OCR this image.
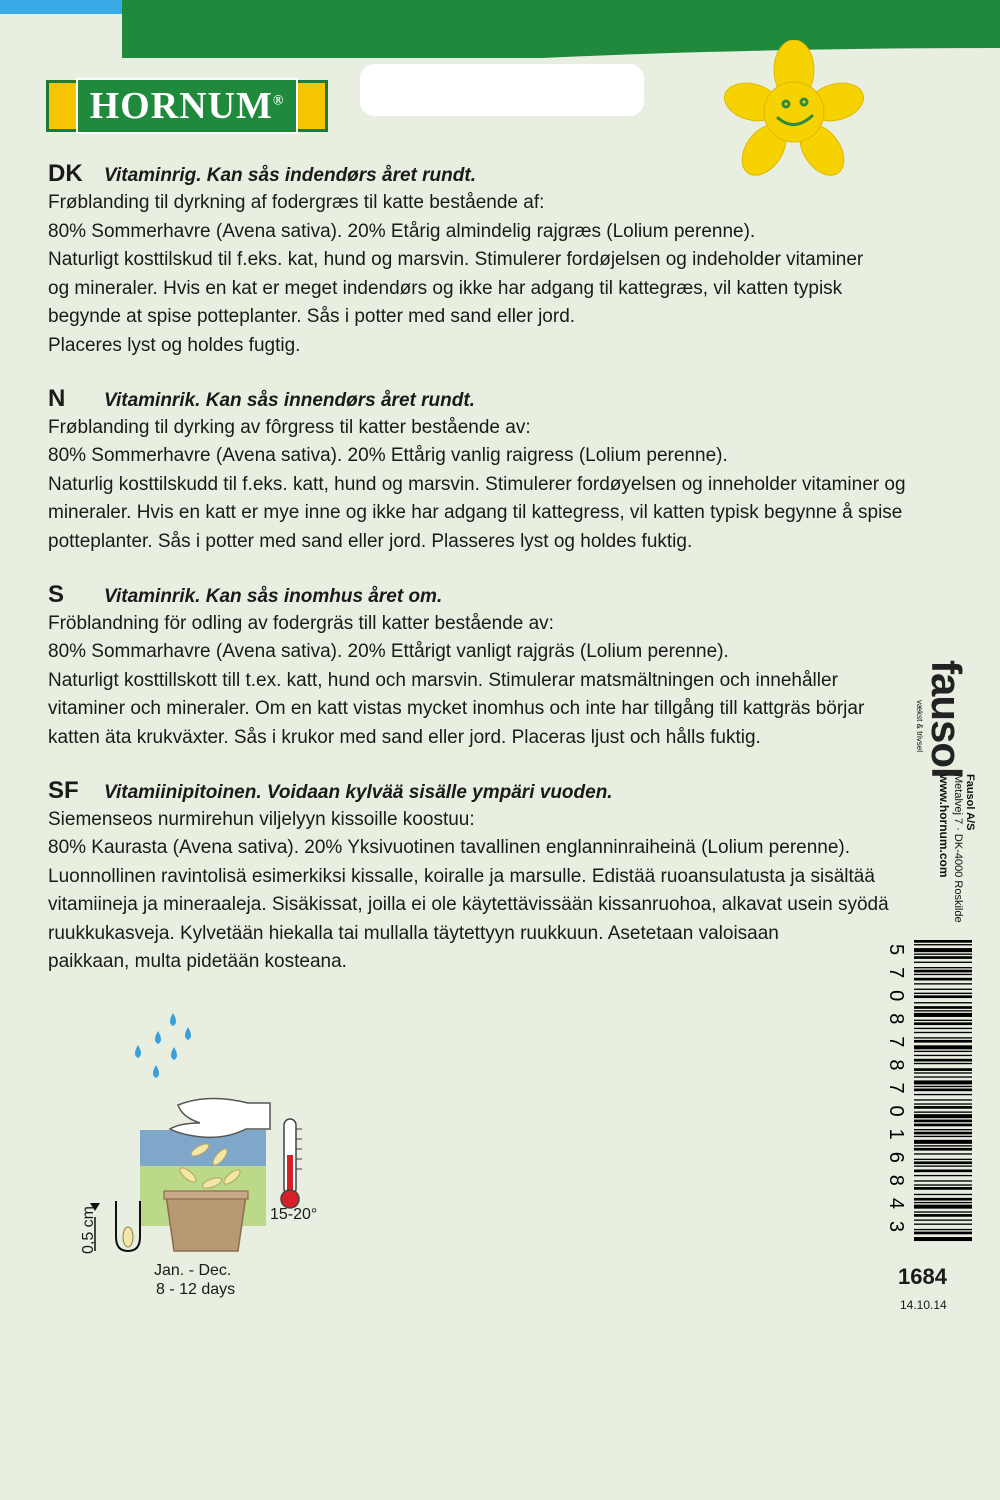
HORNUM®
DK	Vitaminrig. Kan sås indendørs året rundt.
Frøblanding til dyrkning af fodergræs til katte bestående af:
80% Sommerhavre (Avena sativa). 20% Etårig almindelig rajgræs (Lolium perenne).
Naturligt kosttilskud til f.eks. kat, hund og marsvin. Stimulerer fordøjelsen og indeholder vitaminer
og mineraler. Hvis en kat er meget indendørs og ikke har adgang til kattegræs, vil katten typisk
begynde at spise potteplanter. Sås i potter med sand eller jord.
Placeres lyst og holdes fugtig.
N	Vitaminrik. Kan sås innendørs året rundt.
Frøblanding til dyrking av fôrgress til katter bestående av:
80% Sommerhavre (Avena sativa). 20% Ettårig vanlig raigress (Lolium perenne).
Naturlig kosttilskudd til f.eks. katt, hund og marsvin. Stimulerer fordøyelsen og inneholder vitaminer og
mineraler. Hvis en katt er mye inne og ikke har adgang til kattegress, vil katten typisk begynne å spise
potteplanter. Sås i potter med sand eller jord. Plasseres lyst og holdes fuktig.
S	Vitaminrik. Kan sås inomhus året om.
Fröblandning för odling av fodergräs till katter bestående av:
80% Sommarhavre (Avena sativa). 20% Ettårigt vanligt rajgräs (Lolium perenne).
Naturligt kosttillskott till t.ex. katt, hund och marsvin. Stimulerar matsmältningen och innehåller
vitaminer och mineraler. Om en katt vistas mycket inomhus och inte har tillgång till kattgräs börjar
katten äta krukväxter. Sås i krukor med sand eller jord. Placeras ljust och hålls fuktig.
SF	Vitamiinipitoinen. Voidaan kylvää sisälle ympäri vuoden.
Siemenseos nurmirehun viljelyyn kissoille koostuu:
80% Kaurasta (Avena sativa). 20% Yksivuotinen tavallinen englanninraiheinä (Lolium perenne).
Luonnollinen ravintolisä esimerkiksi kissalle, koiralle ja marsulle. Edistää ruoansulatusta ja sisältää
vitamiineja ja mineraaleja. Sisäkissat, joilla ei ole käytettävissään kissanruohoa, alkavat usein syödä
ruukkukasveja. Kylvetään hiekalla tai mullalla täytettyyn ruukkuun. Asetetaan valoisaan
paikkaan, multa pidetään kosteana.
0,5 cm	15-20°
Jan. - Dec.
8 - 12 days
fausol
vækst & trivsel
Fausol A/S
Metalvej 7 · DK-4000 Roskilde
www.hornum.com
5
7
0
8
7
8
7
0
1
6
8
4
3
1684
14.10.14
